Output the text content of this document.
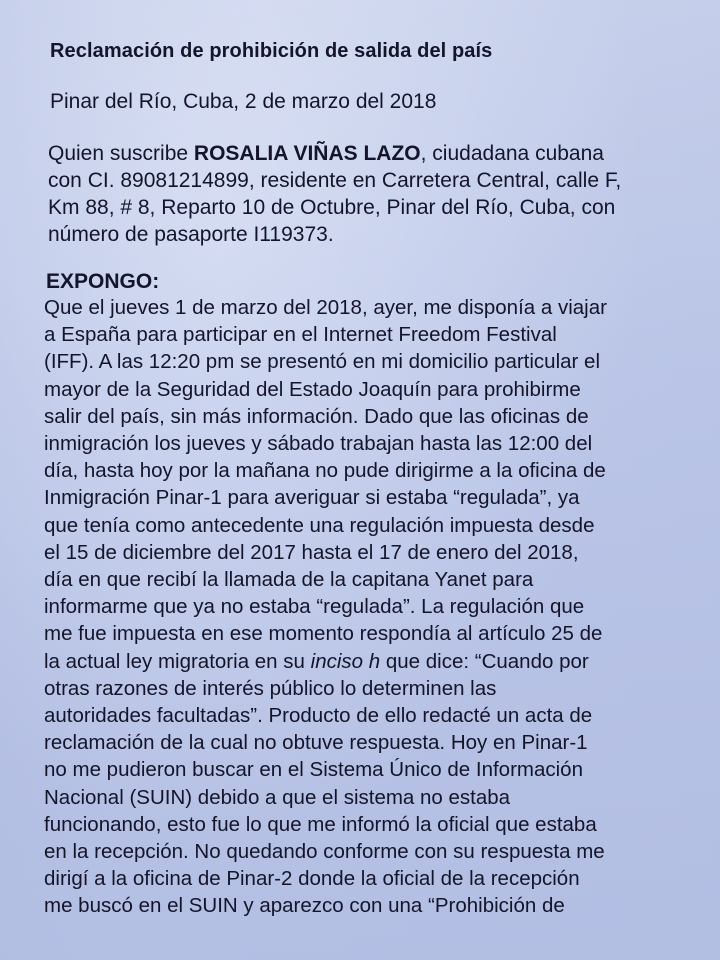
Reclamación de prohibición de salida del país
Pinar del Río, Cuba, 2 de marzo del 2018
Quien suscribe ROSALIA VIÑAS LAZO, ciudadana cubana
con CI. 89081214899, residente en Carretera Central, calle F,
Km 88, # 8, Reparto 10 de Octubre, Pinar del Río, Cuba, con
número de pasaporte I119373.
EXPONGO:
Que el jueves 1 de marzo del 2018, ayer, me disponía a viajar
a España para participar en el Internet Freedom Festival
(IFF). A las 12:20 pm se presentó en mi domicilio particular el
mayor de la Seguridad del Estado Joaquín para prohibirme
salir del país, sin más información. Dado que las oficinas de
inmigración los jueves y sábado trabajan hasta las 12:00 del
día, hasta hoy por la mañana no pude dirigirme a la oficina de
Inmigración Pinar-1 para averiguar si estaba “regulada”, ya
que tenía como antecedente una regulación impuesta desde
el 15 de diciembre del 2017 hasta el 17 de enero del 2018,
día en que recibí la llamada de la capitana Yanet para
informarme que ya no estaba “regulada”. La regulación que
me fue impuesta en ese momento respondía al artículo 25 de
la actual ley migratoria en su inciso h que dice: “Cuando por
otras razones de interés público lo determinen las
autoridades facultadas”. Producto de ello redacté un acta de
reclamación de la cual no obtuve respuesta. Hoy en Pinar-1
no me pudieron buscar en el Sistema Único de Información
Nacional (SUIN) debido a que el sistema no estaba
funcionando, esto fue lo que me informó la oficial que estaba
en la recepción. No quedando conforme con su respuesta me
dirigí a la oficina de Pinar-2 donde la oficial de la recepción
me buscó en el SUIN y aparezco con una “Prohibición de
